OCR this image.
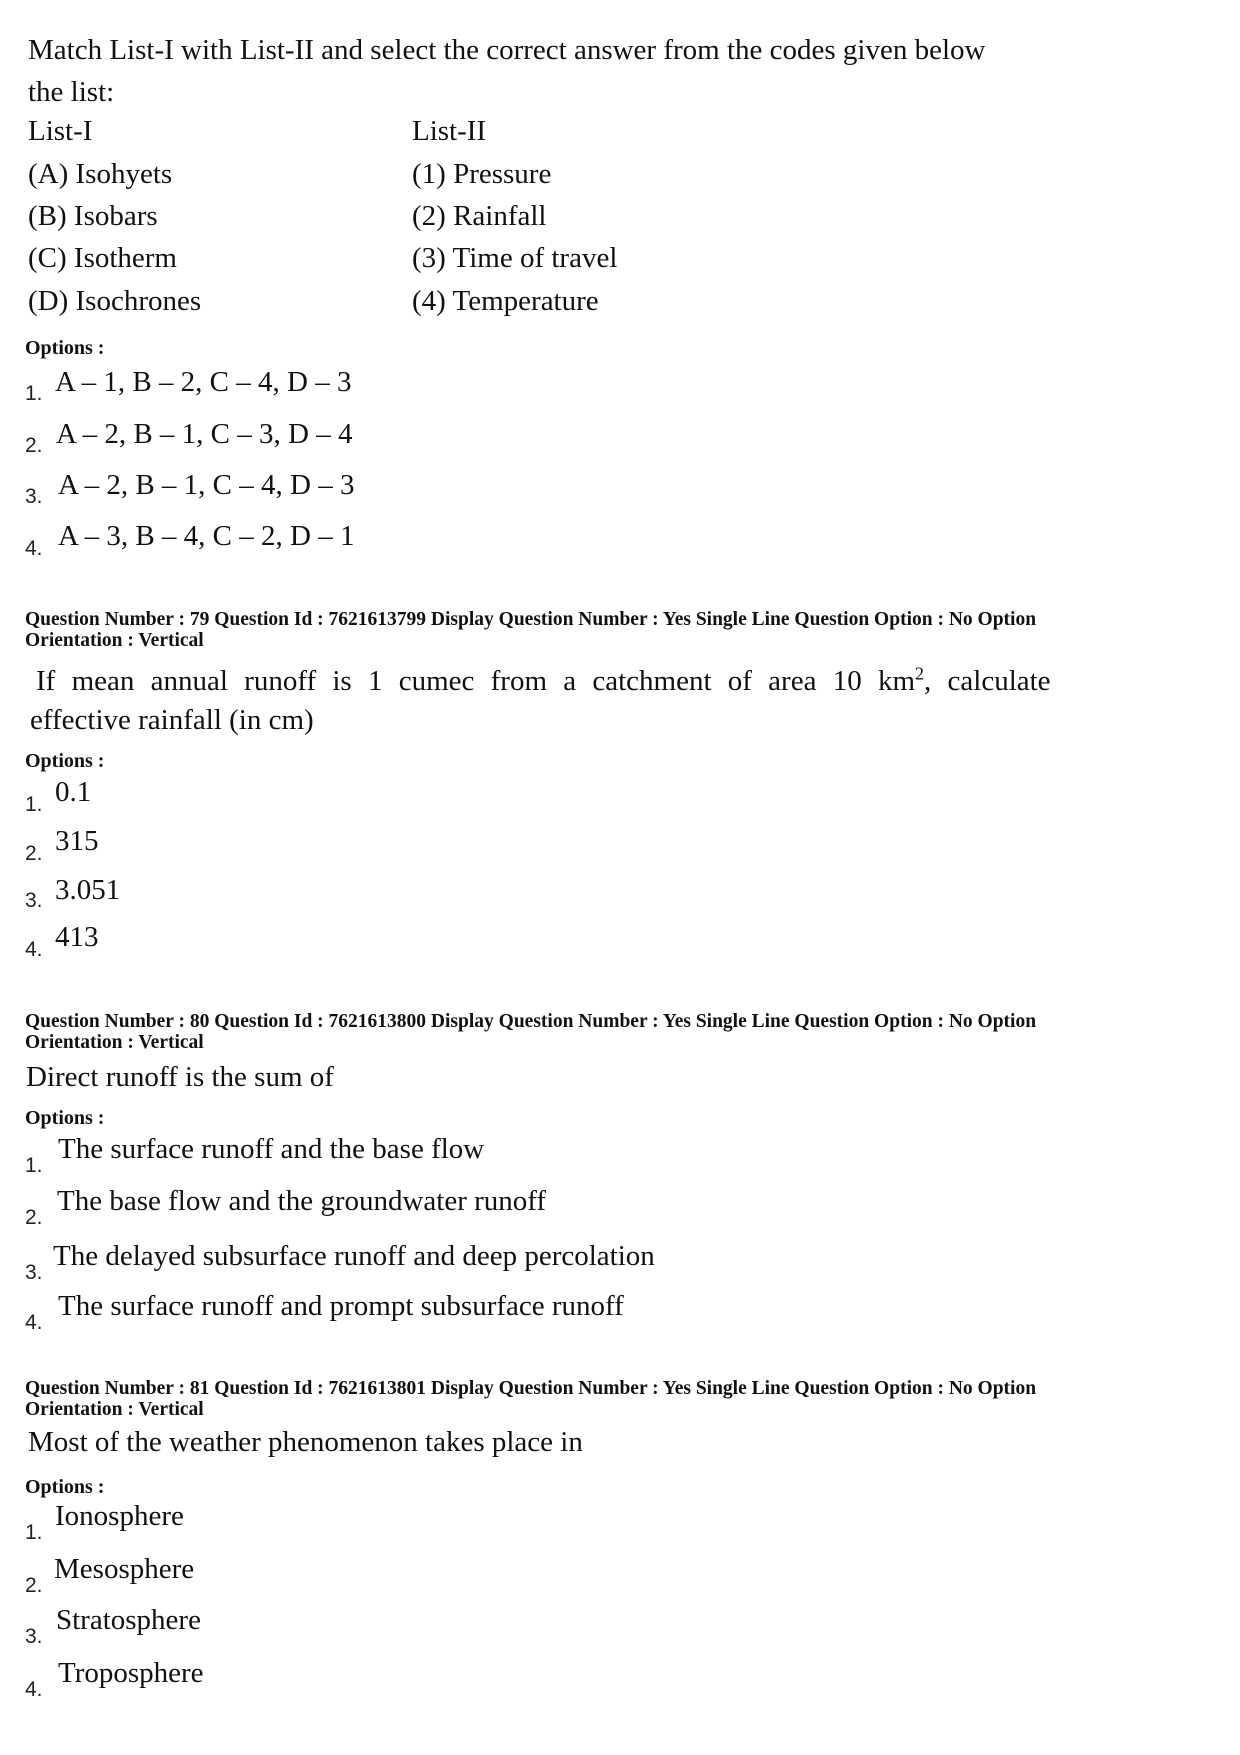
Match List-I with List-II and select the correct answer from the codes given below
the list:
List-I	List-II
(A) Isohyets
(B) Isobars
(C) Isotherm
(D) Isochrones
(1) Pressure
(2) Rainfall
(3) Time of travel
(4) Temperature
Options :
1. A – 1, B – 2, C – 4, D – 3
2. A – 2, B – 1, C – 3, D – 4
3. A – 2, B – 1, C – 4, D – 3
4. A – 3, B – 4, C – 2, D – 1
Question Number : 79 Question Id : 7621613799 Display Question Number : Yes Single Line Question Option : No Option
Orientation : Vertical
If mean annual runoff is 1 cumec from a catchment of area 10 $km^2$, calculate
effective rainfall (in cm)
Options :
1. 0.1
2. 315
3. 3.051
4. 413
Question Number : 80 Question Id : 7621613800 Display Question Number : Yes Single Line Question Option : No Option
Orientation : Vertical
Direct runoff is the sum of
Options :
1.
The surface runoff and the base flow
2.
The base flow and the groundwater runoff
3.
The delayed subsurface runoff and deep percolation
4.
The surface runoff and prompt subsurface runoff
Question Number : 81 Question Id : 7621613801 Display Question Number : Yes Single Line Question Option : No Option
Orientation : Vertical
Most of the weather phenomenon takes place in
Options :
1.
Ionosphere
2.
Mesosphere
3.
Stratosphere
4.
Troposphere
